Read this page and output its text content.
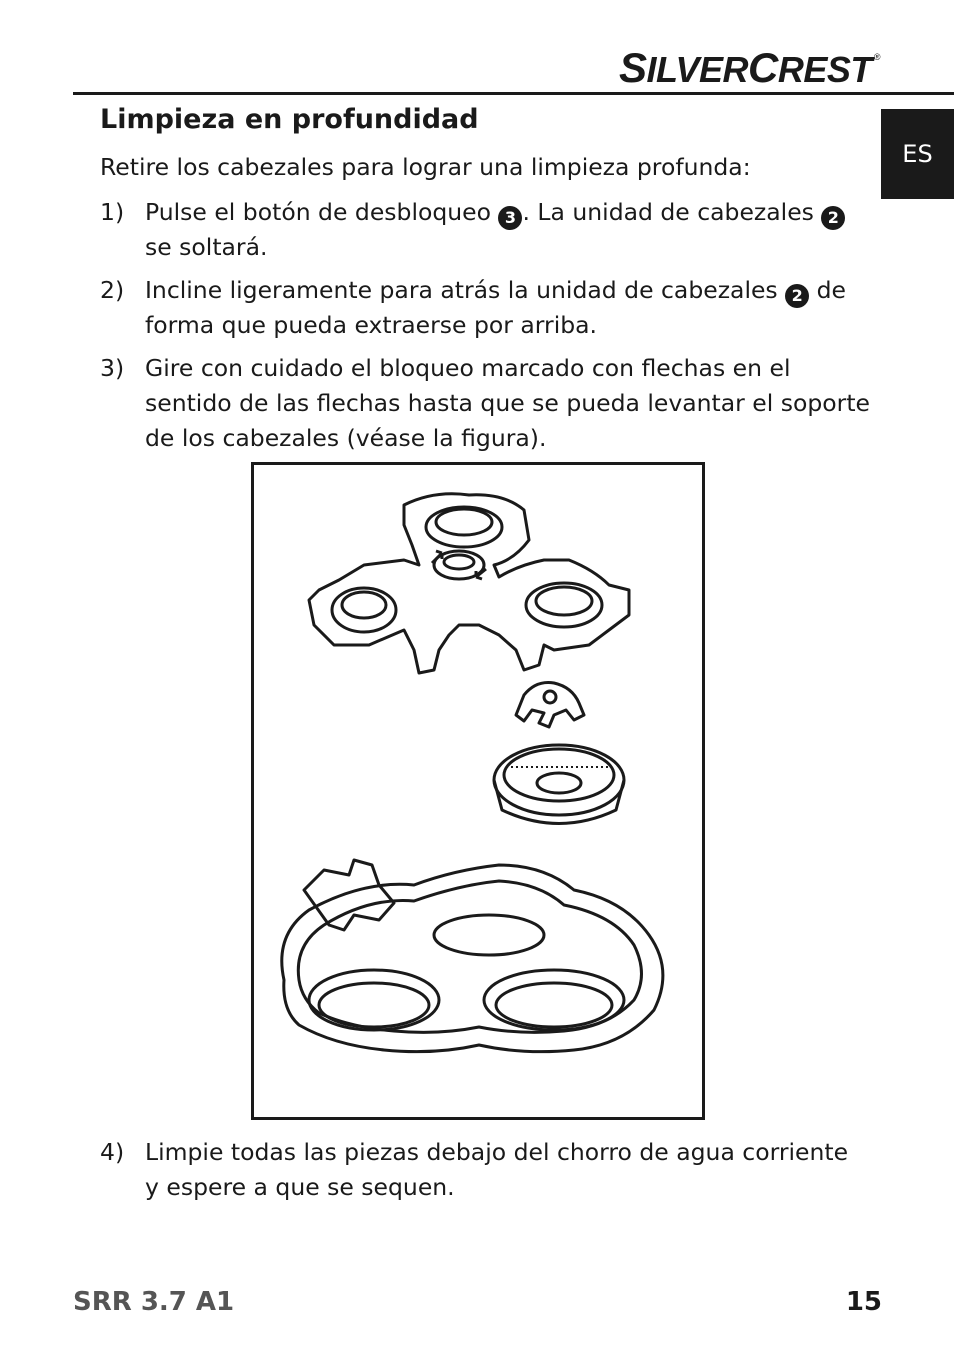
SILVERCREST ®
ES
Limpieza en profundidad
Retire los cabezales para lograr una limpieza profunda:
1) Pulse el botón de desbloqueo 3 . La unidad de cabezales 2 se soltará.
2) Incline ligeramente para atrás la unidad de cabezales 2 de forma que pueda extraerse por arriba.
3) Gire con cuidado el bloqueo marcado con flechas en el sentido de las flechas hasta que se pueda levantar el soporte de los cabezales (véase la figura).
4) Limpie todas las piezas debajo del chorro de agua corriente y espere a que se sequen.
SRR 3.7 A1	15
